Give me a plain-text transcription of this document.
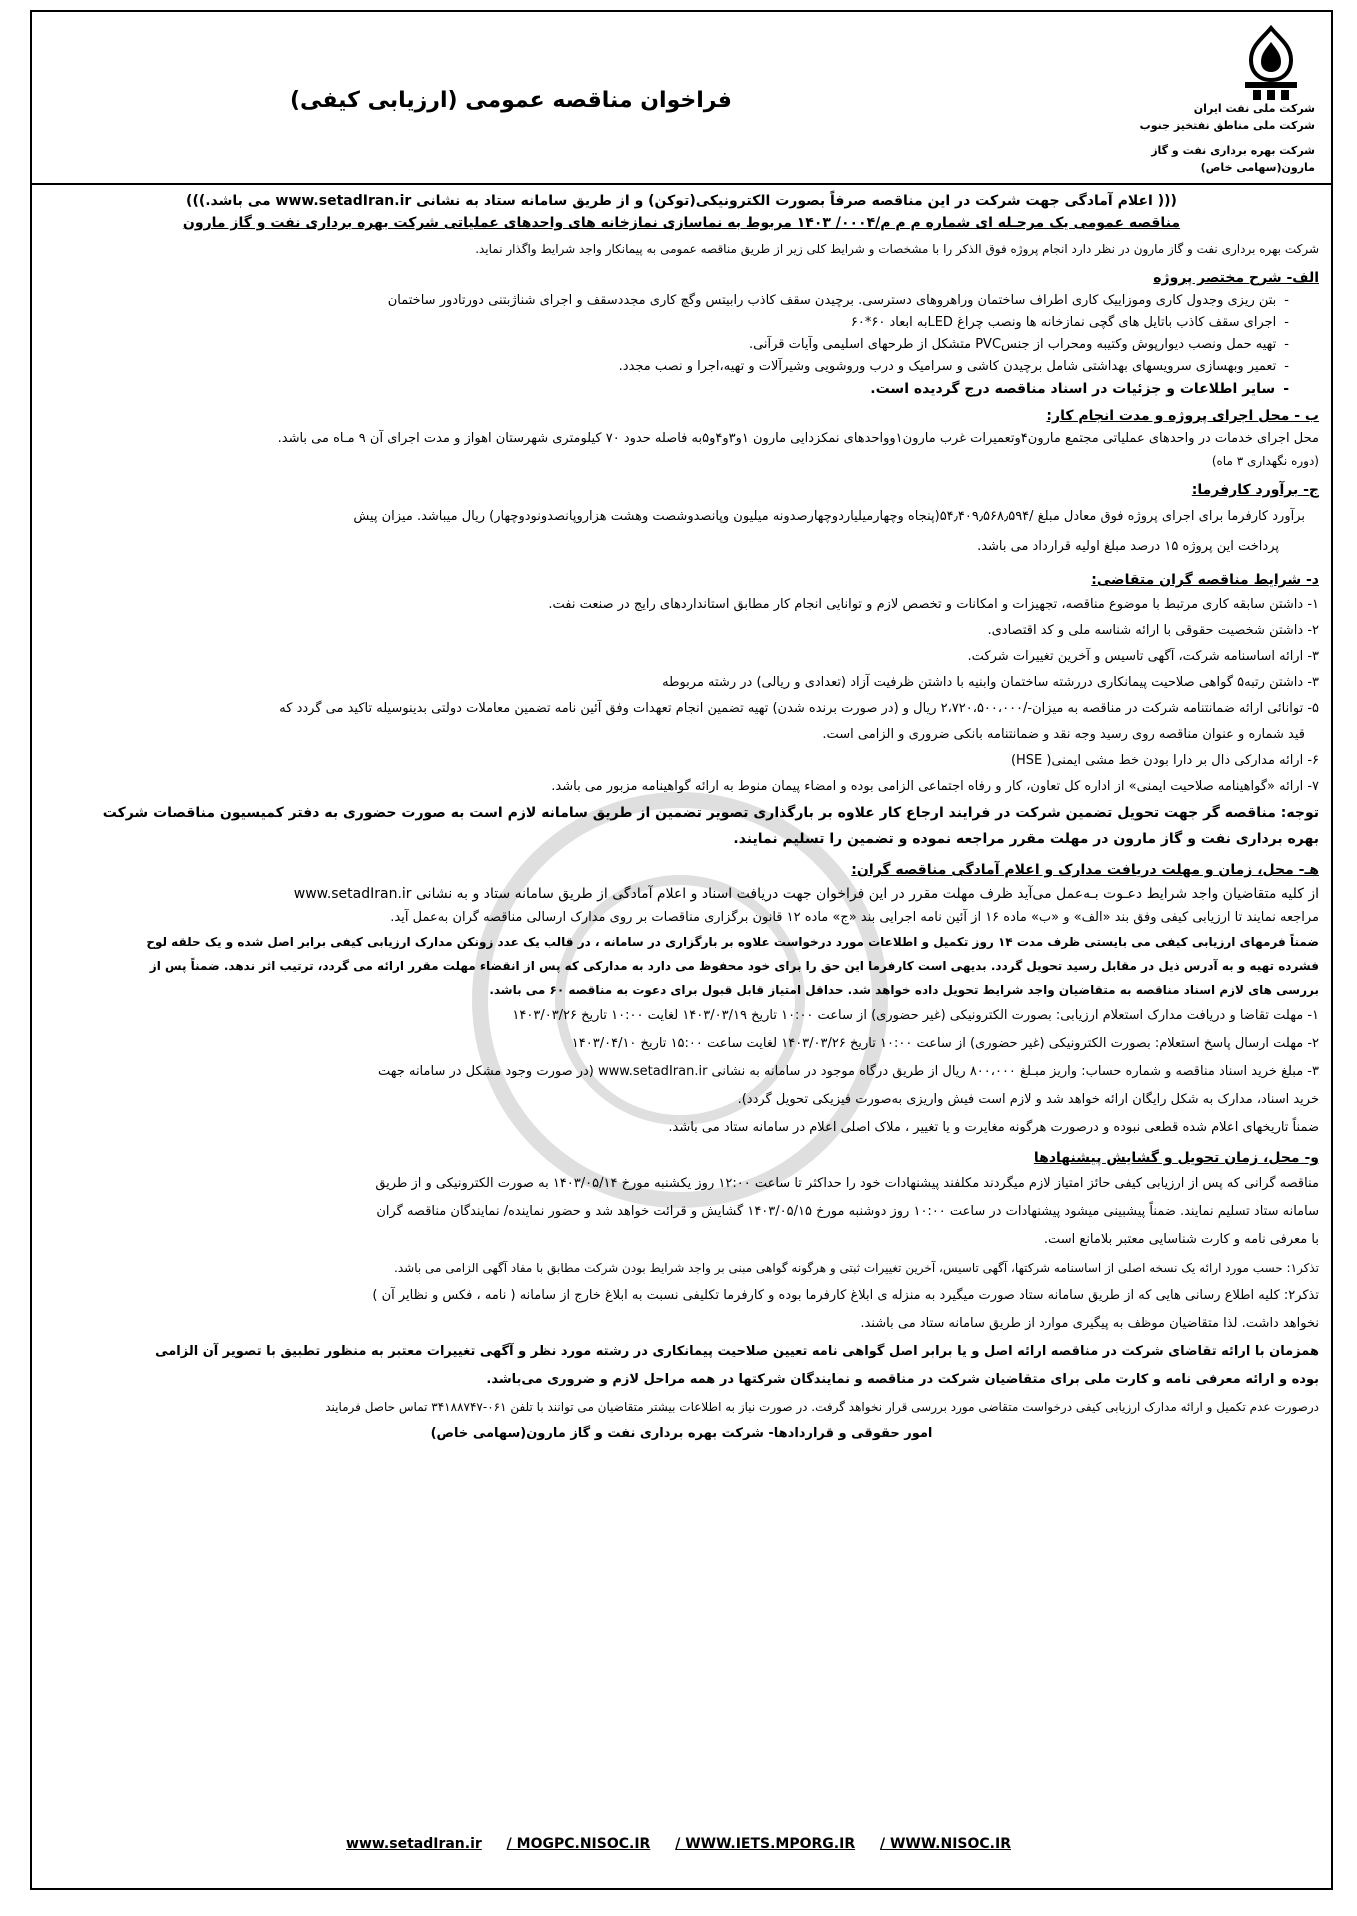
شرکت ملی نفت ایران
شرکت ملی مناطق نفتخیز جنوب
شرکت بهره برداری نفت و گاز مارون(سهامی خاص)
فراخوان مناقصه عمومی (ارزیابی کیفی)
((( اعلام آمادگی جهت شرکت در این مناقصه صرفاً بصورت الکترونیکی(توکن) و از طریق سامانه ستاد به نشانی www.setadIran.ir می باشد.)))
مناقصه عمومی یک مرحـله ای شماره م م م/۰۰۰۴/ ۱۴۰۳ مربوط به نماسازی نمازخانه های واحدهای عملیاتی شرکت بهره برداری نفت و گاز مارون
شرکت بهره برداری نفت و گاز مارون در نظر دارد انجام پروژه فوق الذکر را با مشخصات و شرایط کلی زیر از طریق مناقصه عمومی به پیمانکار واجد شرایط واگذار نماید.
الف- شرح مختصر پروژه
- بتن ریزی وجدول کاری وموزاییک کاری اطراف ساختمان وراهروهای دسترسی. برچیدن سقف کاذب رابیتس وگچ کاری مجددسقف و اجرای شناژبتنی دورتادور ساختمان
- اجرای سقف کاذب باتایل های گچی نمازخانه ها ونصب چراغ LEDبه ابعاد ۶۰*۶۰
- تهیه حمل ونصب دیوارپوش وکتیبه ومحراب از جنسPVC متشکل از طرحهای اسلیمی وآیات قرآنی.
- تعمیر وبهسازی سرویسهای بهداشتی شامل برچیدن کاشی و سرامیک و درب وروشویی وشیرآلات و تهیه،اجرا و نصب مجدد.
- سایر اطلاعات و جزئیات در اسناد مناقصه درج گردیده است.
ب - محل اجرای پروژه و مدت انجام کار:
محل اجرای خدمات در واحدهای عملیاتی مجتمع مارون۴وتعمیرات غرب مارون۱وواحدهای نمکزدایی مارون ۱و۳و۴و۵به فاصله حدود ۷۰ کیلومتری شهرستان اهواز و مدت اجرای آن ۹ مـاه می باشد.
(دوره نگهداری ۳ ماه)
ج- برآورد کارفرما:
برآورد کارفرما برای اجرای پروژه فوق معادل مبلغ /۵۴٫۴۰۹٫۵۶۸٫۵۹۴(پنجاه وچهارمیلیاردوچهارصدونه میلیون وپانصدوشصت وهشت هزاروپانصدونودوچهار) ریال میباشد. میزان پیش
پرداخت این پروژه ۱۵ درصد مبلغ اولیه قرارداد می باشد.
د- شرایط مناقصه گران متقاضی:
۱- داشتن سابقه کاری مرتبط با موضوع مناقصه، تجهیزات و امکانات و تخصص لازم و توانایی انجام کار مطابق استانداردهای رایج در صنعت نفت.
۲- داشتن شخصیت حقوقی با ارائه شناسه ملی و کد اقتصادی.
۳- ارائه اساسنامه شرکت، آگهی تاسیس و آخرین تغییرات شرکت.
۳- داشتن رتبه۵ گواهی صلاحیت پیمانکاری دررشته ساختمان وابنیه با داشتن ظرفیت آزاد (تعدادی و ریالی) در رشته مربوطه
۵- توانائی ارائه ضمانتنامه شرکت در مناقصه به میزان-/۲،۷۲۰،۵۰۰،۰۰۰ ریال و (در صورت برنده شدن) تهیه تضمین انجام تعهدات وفق آئین نامه تضمین معاملات دولتی بدینوسیله تاکید می گردد که
قید شماره و عنوان مناقصه روی رسید وجه نقد و ضمانتنامه بانکی ضروری و الزامی است.
۶- ارائه مدارکی دال بر دارا بودن خط مشی ایمنی( HSE)
۷- ارائه «گواهینامه صلاحیت ایمنی» از اداره کل تعاون، کار و رفاه اجتماعی الزامی بوده و امضاء پیمان منوط به ارائه گواهینامه مزبور می باشد.
توجه: مناقصه گر جهت تحویل تضمین شرکت در فرایند ارجاع کار علاوه بر بارگذاری تصویر تضمین از طریق سامانه لازم است به صورت حضوری به دفتر کمیسیون مناقصات شرکت
بهره برداری نفت و گاز مارون در مهلت مقرر مراجعه نموده و تضمین را تسلیم نمایند.
هـ- محل، زمان و مهلت دریافت مدارک و اعلام آمادگی مناقصه گران:
از کلیه متقاضیان واجد شرایط دعـوت بـه‌عمل می‌آید ظرف مهلت مقرر در این فراخوان جهت دریافت اسناد و اعلام آمادگی از طریق سامانه ستاد و به نشانی www.setadIran.ir
مراجعه نمایند تا ارزیابی کیفی وفق بند «الف» و «ب» ماده ۱۶ از آئین نامه اجرایی بند «ج» ماده ۱۲ قانون برگزاری مناقصات بر روی مدارک ارسالی مناقصه گران به‌عمل آید.
ضمناً فرمهای ارزیابی کیفی می بایستی ظرف مدت ۱۴ روز تکمیل و اطلاعات مورد درخواست علاوه بر بارگزاری در سامانه ، در قالب یک عدد زونکن مدارک ارزیابی کیفی برابر اصل شده و یک حلقه لوح
فشرده تهیه و به آدرس ذیل در مقابل رسید تحویل گردد. بدیهی است کارفرما این حق را برای خود محفوظ می دارد به مدارکی که پس از انقضاء مهلت مقرر ارائه می گردد، ترتیب اثر ندهد. ضمناً پس از
بررسی های لازم اسناد مناقصه به متقاضیان واجد شرایط تحویل داده خواهد شد. حداقل امتیاز قابل قبول برای دعوت به مناقصه ۶۰ می باشد.
۱- مهلت تقاضا و دریافت مدارک استعلام ارزیابی: بصورت الکترونیکی (غیر حضوری) از ساعت ۱۰:۰۰ تاریخ ۱۴۰۳/۰۳/۱۹ لغایت ۱۰:۰۰ تاریخ ۱۴۰۳/۰۳/۲۶
۲- مهلت ارسال پاسخ استعلام: بصورت الکترونیکی (غیر حضوری) از ساعت ۱۰:۰۰ تاریخ ۱۴۰۳/۰۳/۲۶ لغایت ساعت ۱۵:۰۰ تاریخ ۱۴۰۳/۰۴/۱۰
۳- مبلغ خرید اسناد مناقصه و شماره حساب: واریز مبـلغ ۸۰۰،۰۰۰ ریال از طریق درگاه موجود در سامانه به نشانی www.setadIran.ir (در صورت وجود مشکل در سامانه جهت
خرید اسناد، مدارک به شکل رایگان ارائه خواهد شد و لازم است فیش واریزی به‌صورت فیزیکی تحویل گردد).
ضمناً تاریخهای اعلام شده قطعی نبوده و درصورت هرگونه مغایرت و یا تغییر ، ملاک اصلی اعلام در سامانه ستاد می باشد.
و- محل، زمان تحویل و گشایش پیشنهادها
مناقصه گرانی که پس از ارزیابی کیفی حائز امتیاز لازم میگردند مکلفند پیشنهادات خود را حداکثر تا ساعت ۱۲:۰۰ روز یکشنبه مورخ ۱۴۰۳/۰۵/۱۴ به صورت الکترونیکی و از طریق
سامانه ستاد تسلیم نمایند. ضمناً پیشبینی میشود پیشنهادات در ساعت ۱۰:۰۰ روز دوشنبه مورخ ۱۴۰۳/۰۵/۱۵ گشایش و قرائت خواهد شد و حضور نماینده/ نمایندگان مناقصه گران
با معرفی نامه و کارت شناسایی معتبر بلامانع است.
تذکر۱: حسب مورد ارائه یک نسخه اصلی از اساسنامه شرکتها، آگهی تاسیس، آخرین تغییرات ثبتی و هرگونه گواهی مبنی بر واجد شرایط بودن شرکت مطابق با مفاد آگهی الزامی می باشد.
تذکر۲: کلیه اطلاع رسانی هایی که از طریق سامانه ستاد صورت میگیرد به منزله ی ابلاغ کارفرما بوده و کارفرما تکلیفی نسبت به ابلاغ خارج از سامانه ( نامه ، فکس و نظایر آن )
نخواهد داشت. لذا متقاضیان موظف به پیگیری موارد از طریق سامانه ستاد می باشند.
همزمان با ارائه تقاضای شرکت در مناقصه ارائه اصل و یا برابر اصل گواهی نامه تعیین صلاحیت پیمانکاری در رشته مورد نظر و آگهی تغییرات معتبر به منظور تطبیق با تصویر آن الزامی
بوده و ارائه معرفی نامه و کارت ملی برای متقاضیان شرکت در مناقصه و نمایندگان شرکتها در همه مراحل لازم و ضروری می‌باشد.
درصورت عدم تکمیل و ارائه مدارک ارزیابی کیفی درخواست متقاضی مورد بررسی قرار نخواهد گرفت. در صورت نیاز به اطلاعات بیشتر متقاضیان می توانند با تلفن ۰۶۱-۳۴۱۸۸۷۴۷ تماس حاصل فرمایند
امور حقوقی و قراردادها- شرکت بهره برداری نفت و گاز مارون(سهامی خاص)
www.setadIran.ir / MOGPC.NISOC.IR / WWW.IETS.MPORG.IR / WWW.NISOC.IR
